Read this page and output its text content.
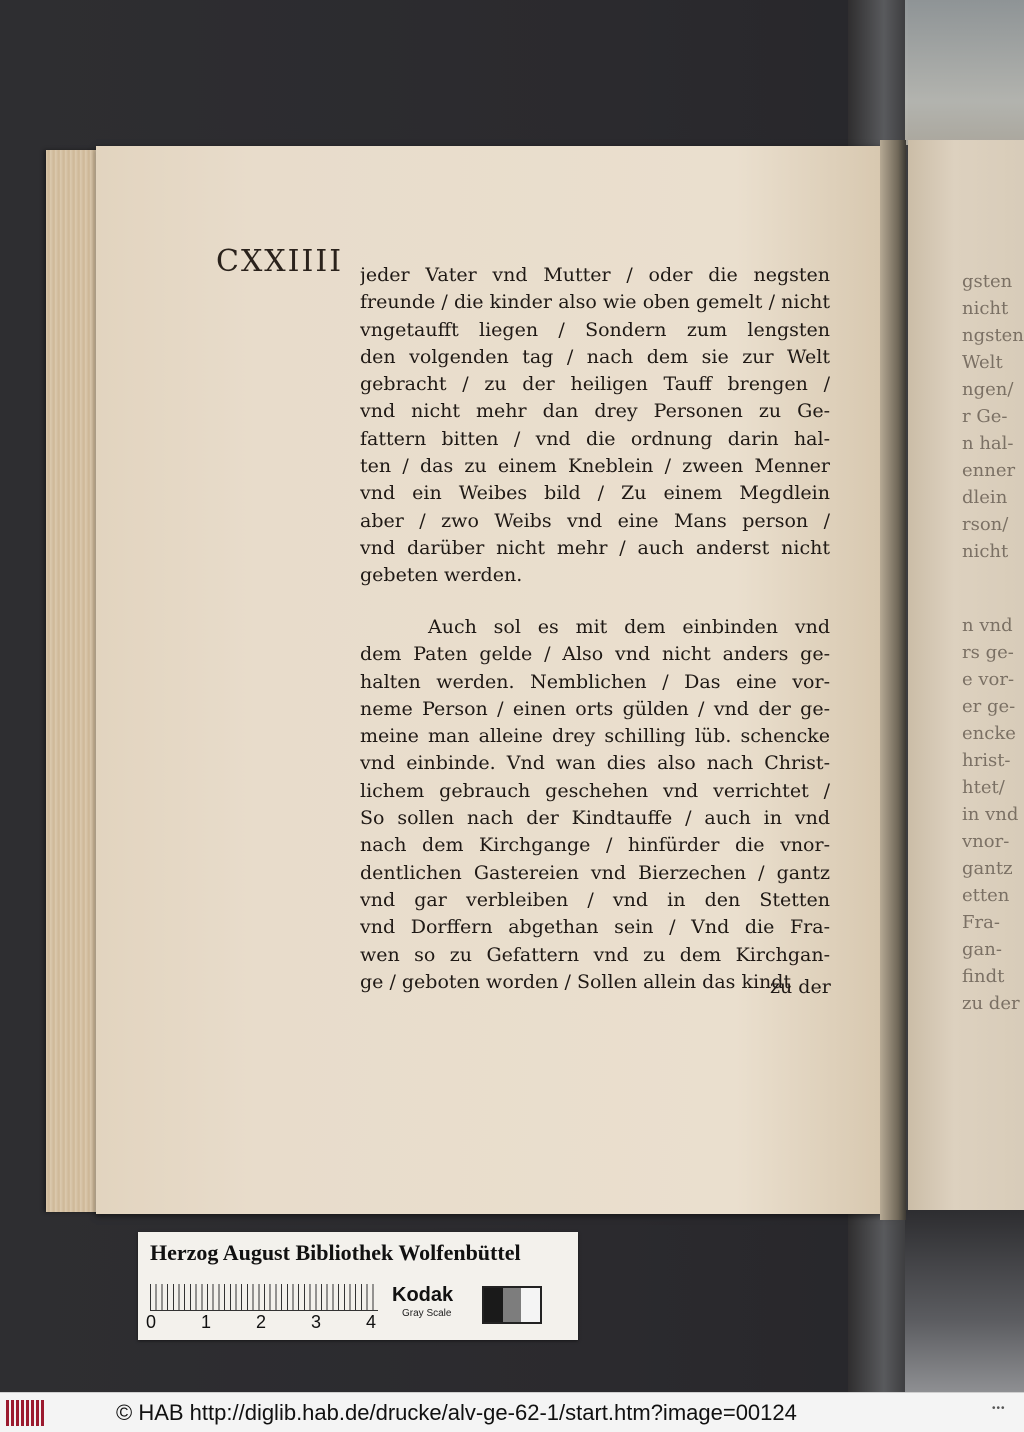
gsten
nicht
ngsten
Welt
ngen/
r Ge-
n hal-
enner
dlein
rson/
nicht
n vnd
rs ge-
e vor-
er ge-
encke
hrist-
htet/
in vnd
vnor-
gantz
etten
Fra-
gan-
findt
zu der
CXXIIII jeder Vater vnd Mutter / oder die negsten
freunde / die kinder also wie oben gemelt / nicht
vngetaufft liegen / Sondern zum lengsten
den volgenden tag / nach dem sie zur Welt
gebracht / zu der heiligen Tauff brengen /
vnd nicht mehr dan drey Personen zu Ge-
fattern bitten / vnd die ordnung darin hal-
ten / das zu einem Kneblein / zween Menner
vnd ein Weibes bild / Zu einem Megdlein
aber / zwo Weibs vnd eine Mans person /
vnd darüber nicht mehr / auch anderst nicht
gebeten werden.
Auch sol es mit dem einbinden vnd
dem Paten gelde / Also vnd nicht anders ge-
halten werden. Nemblichen / Das eine vor-
neme Person / einen orts gülden / vnd der ge-
meine man alleine drey schilling lüb. schencke
vnd einbinde. Vnd wan dies also nach Christ-
lichem gebrauch geschehen vnd verrichtet /
So sollen nach der Kindtauffe / auch in vnd
nach dem Kirchgange / hinfürder die vnor-
dentlichen Gastereien vnd Bierzechen / gantz
vnd gar verbleiben / vnd in den Stetten
vnd Dorffern abgethan sein / Vnd die Fra-
wen so zu Gefattern vnd zu dem Kirchgan-
ge / geboten worden / Sollen allein das kindt
zu der
Herzog August Bibliothek Wolfenbüttel
0 1 2 3 4
Kodak
Gray Scale
© HAB http://diglib.hab.de/drucke/alv-ge-62-1/start.htm?image=00124	•••
